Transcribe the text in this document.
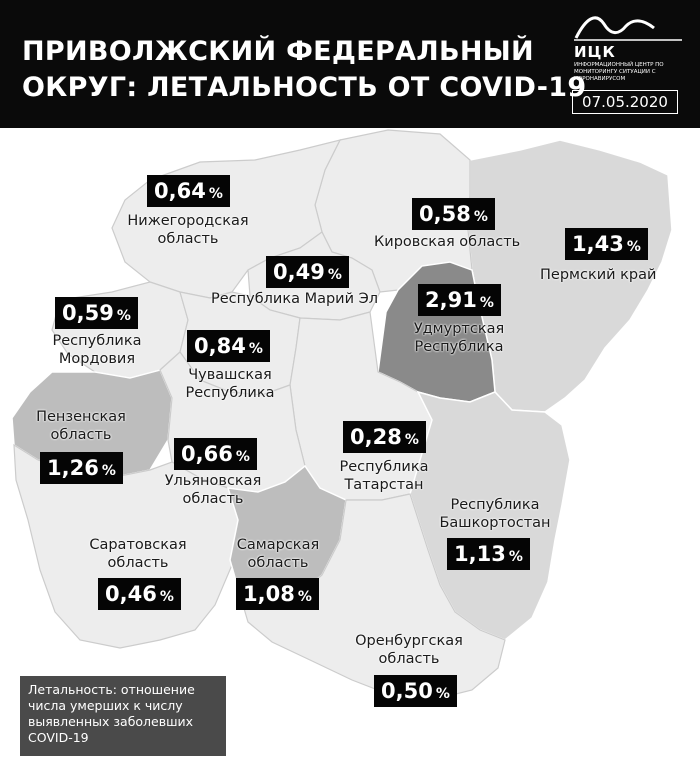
ПРИВОЛЖСКИЙ ФЕДЕРАЛЬНЫЙ
ОКРУГ: ЛЕТАЛЬНОСТЬ ОТ COVID-19
ИЦК
ИНФОРМАЦИОННЫЙ ЦЕНТР ПО МОНИТОРИНГУ СИТУАЦИИ С КОРОНАВИРУСОМ
07.05.2020
0,64 %
Нижегородская
область
0,58 %
Кировская область	1,43 %
Пермский край
0,49 %
Республика Марий Эл	2,91 %
Удмуртская
Республика
0,59 %
Республика
Мордовия
0,84 %
Чувашская
Республика
Пензенская
область
1,26 %
0,66 %
Ульяновская
область
0,28 %
Республика
Татарстан
Республика
Башкортостан
1,13 %
Саратовская
область
0,46 %
Самарская
область
1,08 %
Оренбургская
область
0,50 %
Летальность: отношение
числа умерших к числу
выявленных заболевших
COVID-19
